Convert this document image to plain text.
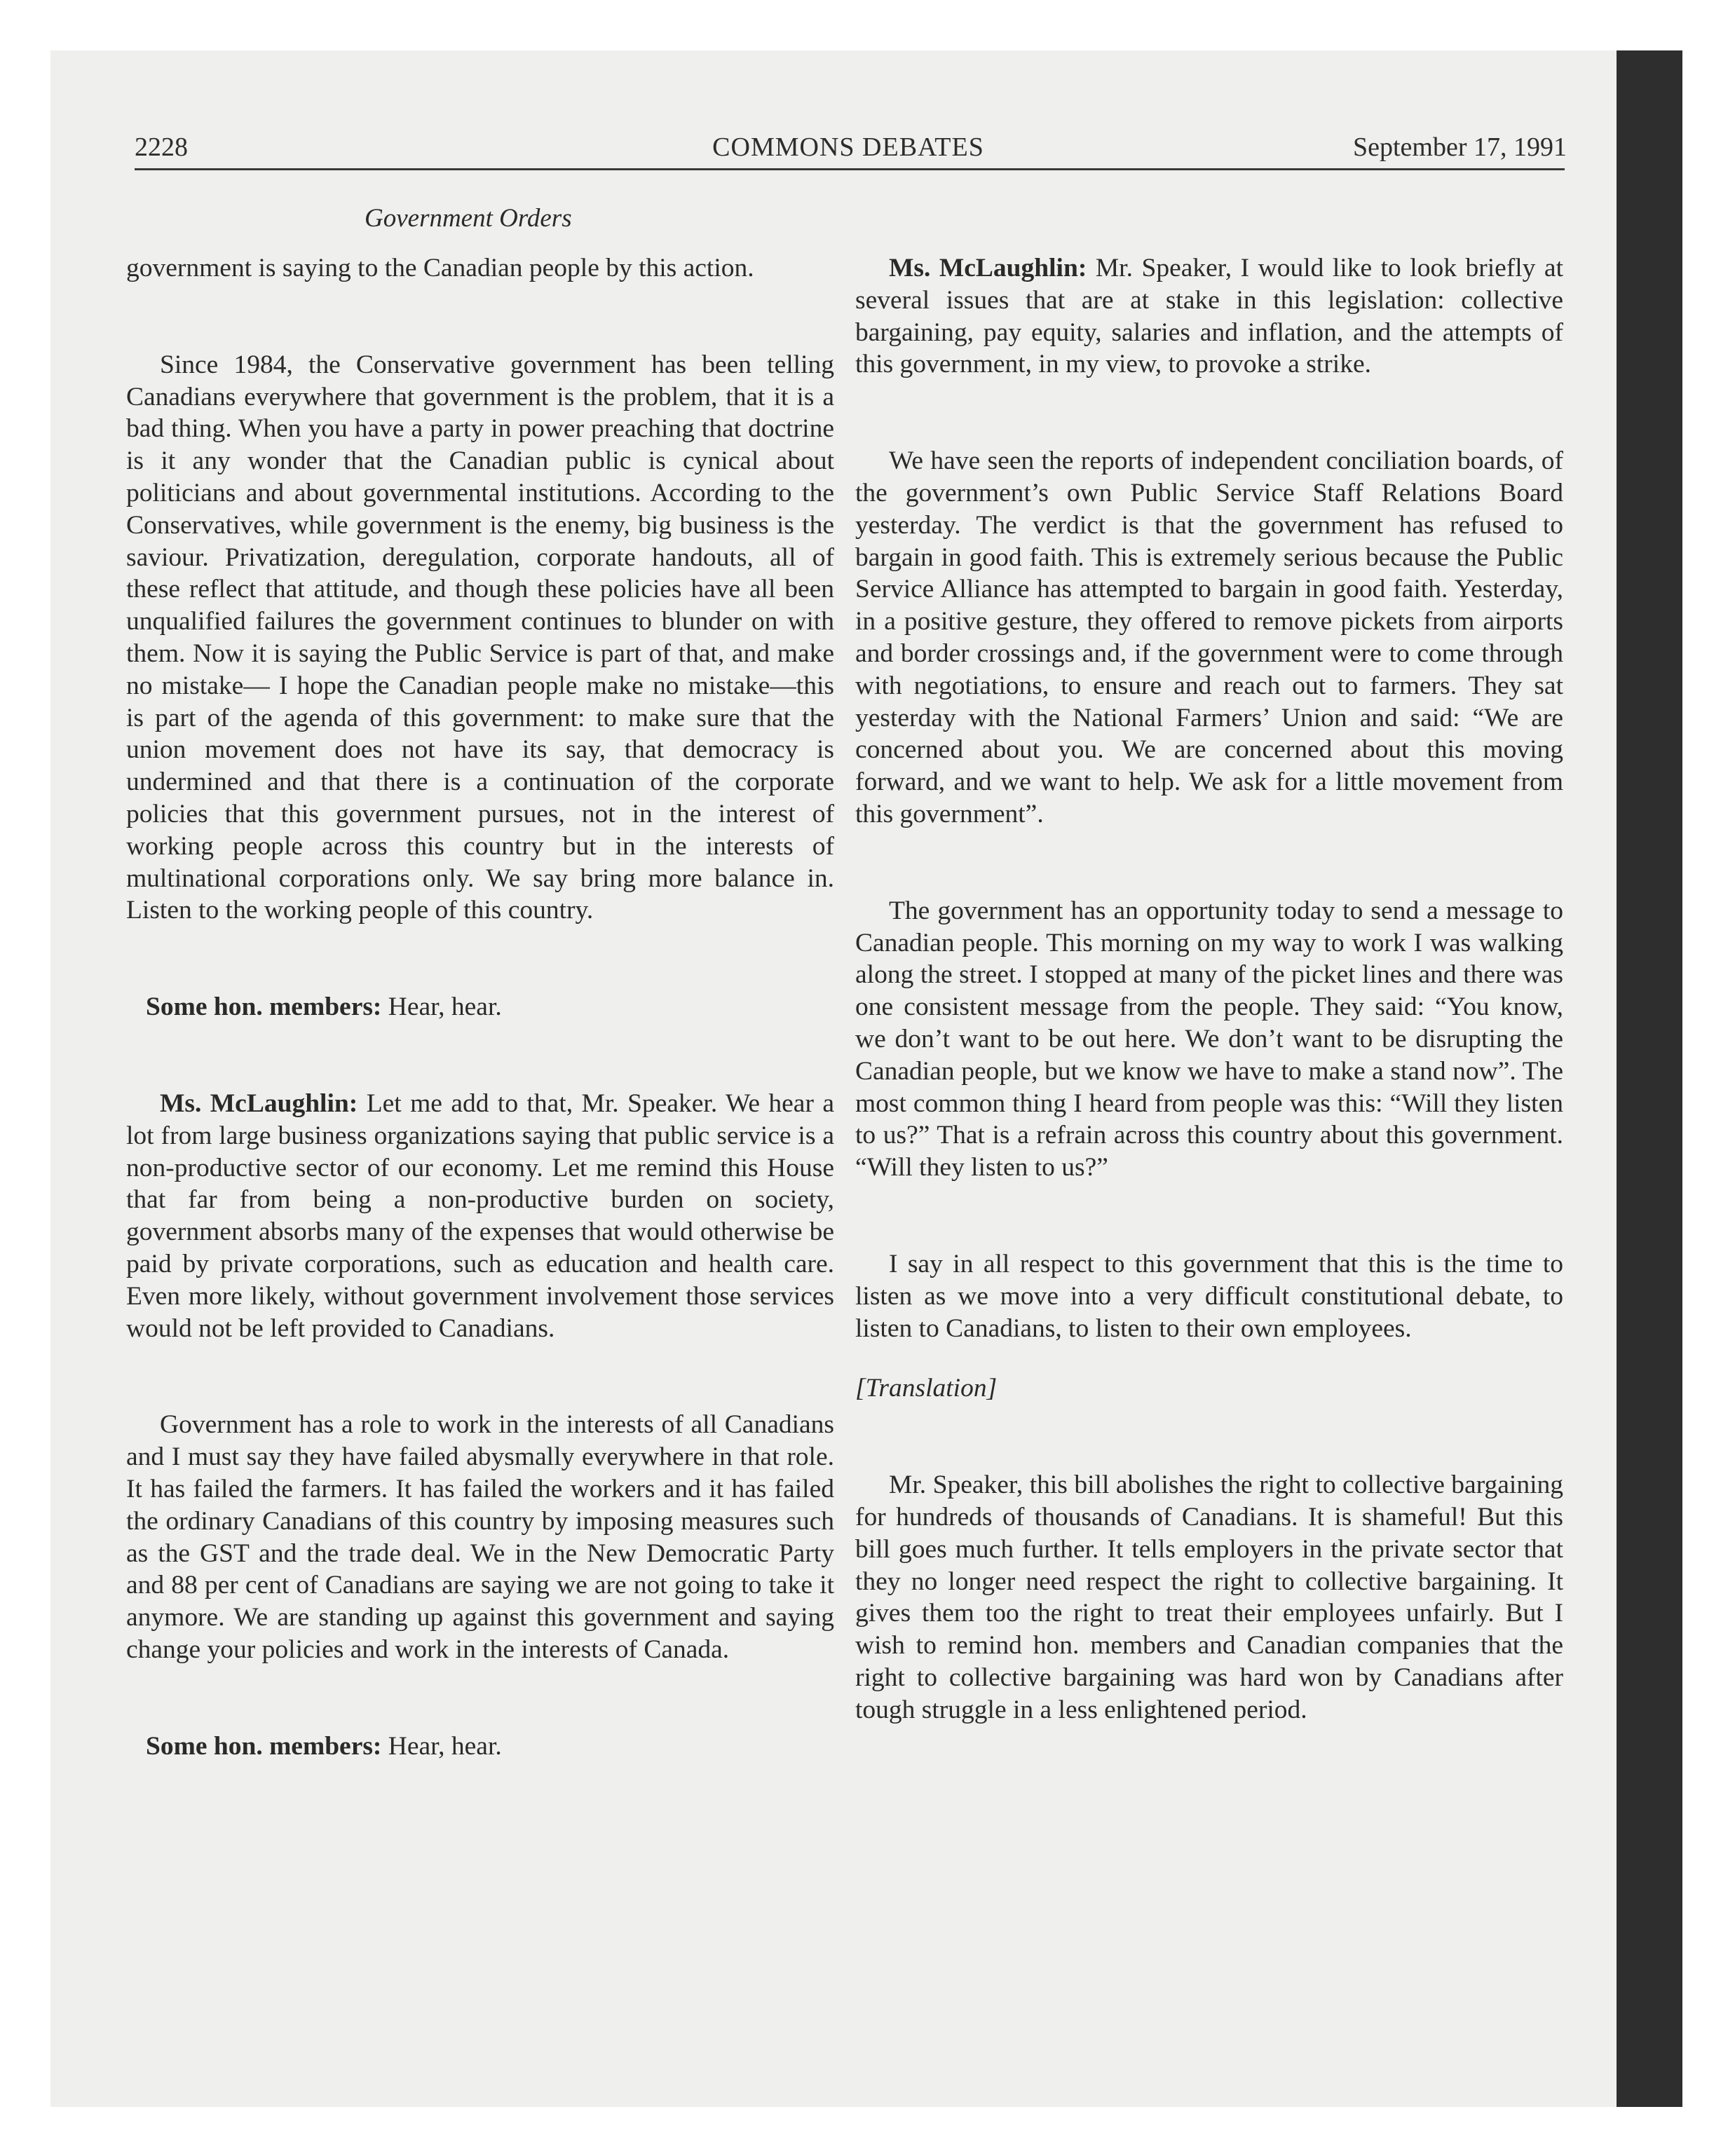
2228	COMMONS DEBATES	September 17, 1991
Government Orders

government is saying to the Canadian people by this action.

Since 1984, the Conservative government has been telling Canadians everywhere that government is the problem, that it is a bad thing. When you have a party in power preaching that doctrine is it any wonder that the Canadian public is cynical about politicians and about governmental institutions. According to the Conservatives, while government is the enemy, big business is the saviour. Privatization, deregulation, corporate handouts, all of these reflect that attitude, and though these policies have all been unqualified failures the government continues to blunder on with them. Now it is saying the Public Service is part of that, and make no mistake— I hope the Canadian people make no mistake—this is part of the agenda of this government: to make sure that the union movement does not have its say, that democracy is undermined and that there is a continuation of the corporate policies that this government pursues, not in the interest of working people across this country but in the interests of multinational corporations only. We say bring more balance in. Listen to the working people of this country.

Some hon. members: Hear, hear.

Ms. McLaughlin: Let me add to that, Mr. Speaker. We hear a lot from large business organizations saying that public service is a non-productive sector of our economy. Let me remind this House that far from being a non-productive burden on society, government absorbs many of the expenses that would otherwise be paid by private corporations, such as education and health care. Even more likely, without government involvement those services would not be left provided to Canadians.

Government has a role to work in the interests of all Canadians and I must say they have failed abysmally everywhere in that role. It has failed the farmers. It has failed the workers and it has failed the ordinary Canadians of this country by imposing measures such as the GST and the trade deal. We in the New Democratic Party and 88 per cent of Canadians are saying we are not going to take it anymore. We are standing up against this government and saying change your policies and work in the interests of Canada.

Some hon. members: Hear, hear.

Ms. McLaughlin: Mr. Speaker, I would like to look briefly at several issues that are at stake in this legislation: collective bargaining, pay equity, salaries and inflation, and the attempts of this government, in my view, to provoke a strike.

We have seen the reports of independent conciliation boards, of the government’s own Public Service Staff Relations Board yesterday. The verdict is that the government has refused to bargain in good faith. This is extremely serious because the Public Service Alliance has attempted to bargain in good faith. Yesterday, in a positive gesture, they offered to remove pickets from airports and border crossings and, if the government were to come through with negotiations, to ensure and reach out to farmers. They sat yesterday with the National Farmers’ Union and said: “We are concerned about you. We are concerned about this moving forward, and we want to help. We ask for a little movement from this government”.

The government has an opportunity today to send a message to Canadian people. This morning on my way to work I was walking along the street. I stopped at many of the picket lines and there was one consistent message from the people. They said: “You know, we don’t want to be out here. We don’t want to be disrupting the Canadian people, but we know we have to make a stand now”. The most common thing I heard from people was this: “Will they listen to us?” That is a refrain across this country about this government. “Will they listen to us?”

I say in all respect to this government that this is the time to listen as we move into a very difficult constitutional debate, to listen to Canadians, to listen to their own employees.

[Translation]

Mr. Speaker, this bill abolishes the right to collective bargaining for hundreds of thousands of Canadians. It is shameful! But this bill goes much further. It tells employers in the private sector that they no longer need respect the right to collective bargaining. It gives them too the right to treat their employees unfairly. But I wish to remind hon. members and Canadian companies that the right to collective bargaining was hard won by Canadians after tough struggle in a less enlightened period.
